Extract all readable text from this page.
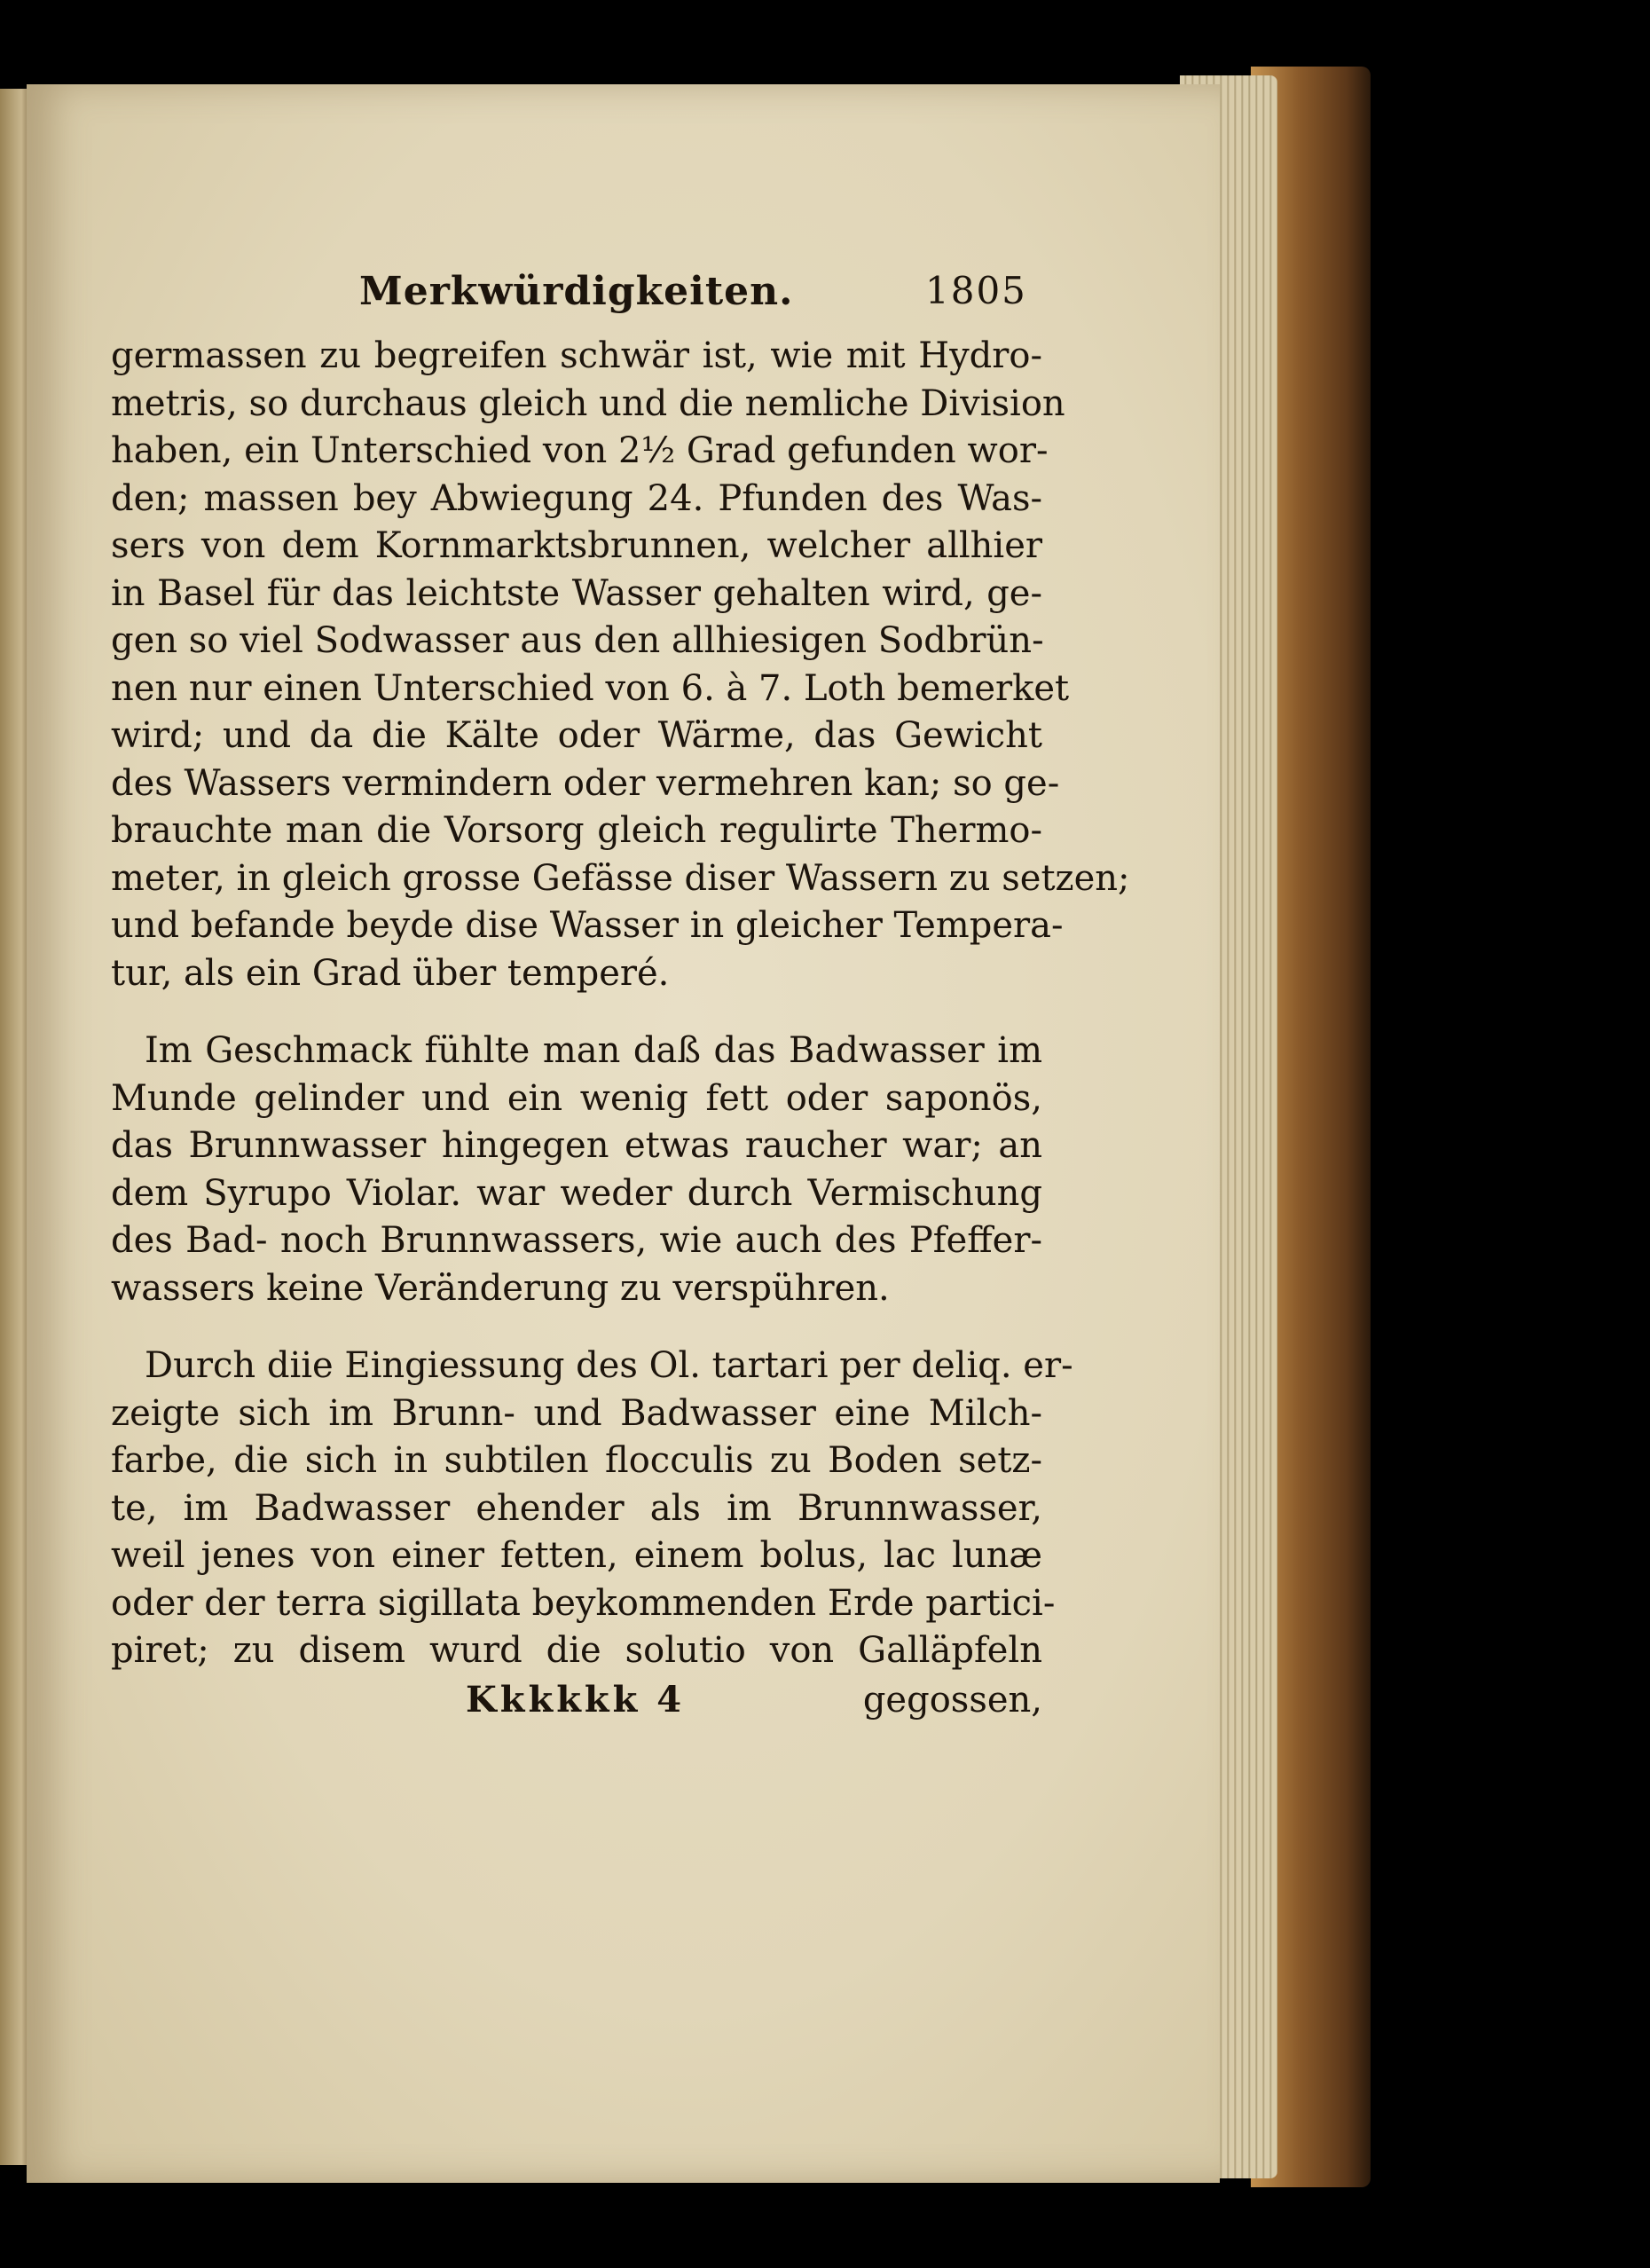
Merkwürdigkeiten.	1805
germassen zu begreifen schwär ist, wie mit Hydro-
metris, so durchaus gleich und die nemliche Division
haben, ein Unterschied von 2½ Grad gefunden wor-
den; massen bey Abwiegung 24. Pfunden des Was-
sers von dem Kornmarktsbrunnen, welcher allhier
in Basel für das leichtste Wasser gehalten wird, ge-
gen so viel Sodwasser aus den allhiesigen Sodbrün-
nen nur einen Unterschied von 6. à 7. Loth bemerket
wird; und da die Kälte oder Wärme, das Gewicht
des Wassers vermindern oder vermehren kan; so ge-
brauchte man die Vorsorg gleich regulirte Thermo-
meter, in gleich grosse Gefässe diser Wassern zu setzen;
und befande beyde dise Wasser in gleicher Tempera-
tur, als ein Grad über temperé.
Im Geschmack fühlte man daß das Badwasser im
Munde gelinder und ein wenig fett oder saponös,
das Brunnwasser hingegen etwas raucher war; an
dem Syrupo Violar. war weder durch Vermischung
des Bad- noch Brunnwassers, wie auch des Pfeffer-
wassers keine Veränderung zu verspühren.
Durch diie Eingiessung des Ol. tartari per deliq. er-
zeigte sich im Brunn- und Badwasser eine Milch-
farbe, die sich in subtilen flocculis zu Boden setz-
te, im Badwasser ehender als im Brunnwasser,
weil jenes von einer fetten, einem bolus, lac lunæ
oder der terra sigillata beykommenden Erde partici-
piret; zu disem wurd die solutio von Galläpfeln
Kkkkkk 4	gegossen,
